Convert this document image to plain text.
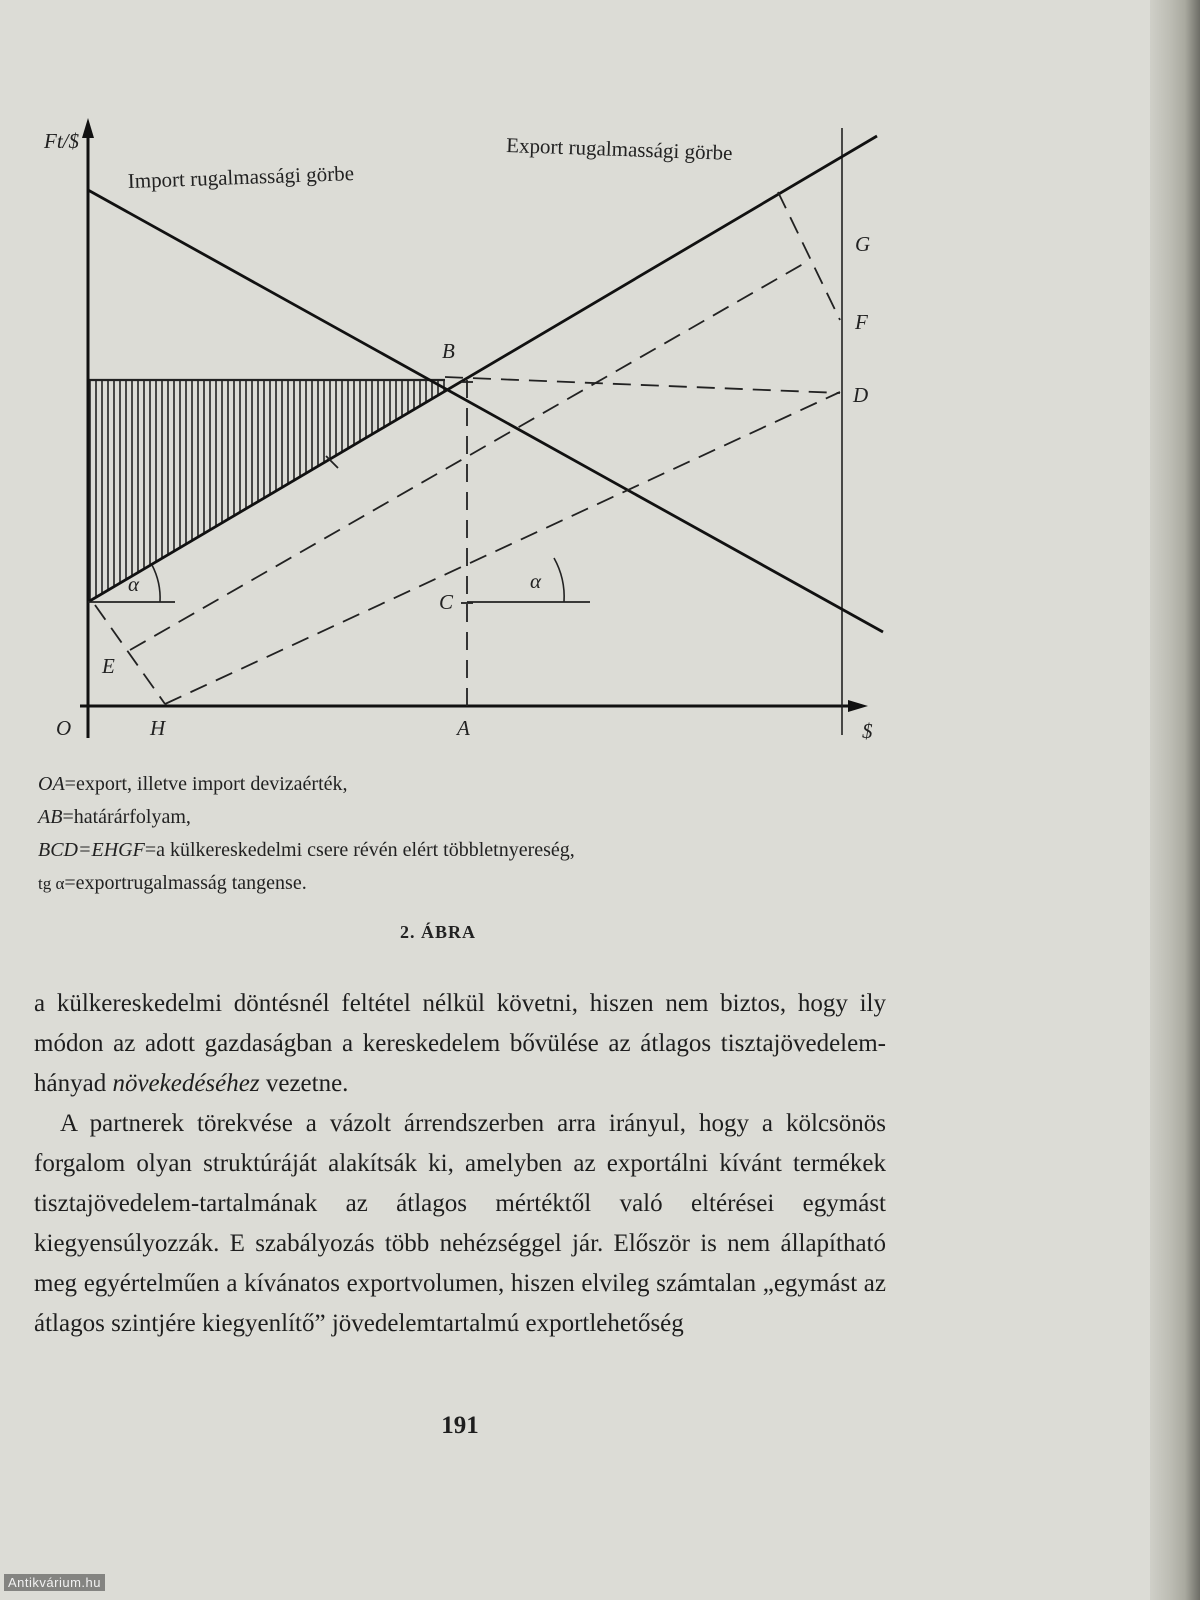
Ft/$
$
Import rugalmassági görbe
Export rugalmassági görbe
O	H	A
E
C
B
D
F
G
α	α
OA=export, illetve import devizaérték,
AB=határárfolyam,
BCD=EHGF=a külkereskedelmi csere révén elért többletnyereség,
tg α=exportrugalmasság tangense.
2. ÁBRA

a külkereskedelmi döntésnél feltétel nélkül követni, hiszen nem biztos, hogy ily módon az adott gazdaságban a kereskedelem bővülése az átlagos tisztajövedelem-hányad növekedéséhez vezetne.

A partnerek törekvése a vázolt árrendszerben arra irányul, hogy a kölcsönös forgalom olyan struktúráját alakítsák ki, amelyben az exportálni kívánt termékek tisztajövedelem-tartalmának az átlagos mértéktől való eltérései egymást kiegyensúlyozzák. E szabályozás több nehézséggel jár. Először is nem állapítható meg egyértelműen a kívánatos exportvolumen, hiszen elvileg számtalan „egymást az átlagos szintjére kiegyenlítő” jövedelemtartalmú exportlehetőség

191
Antikvárium.hu
